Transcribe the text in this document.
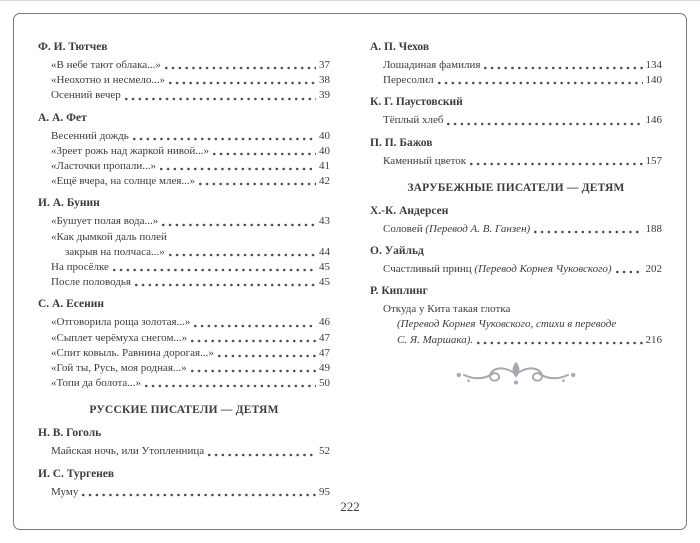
Ф. И. Тютчев
«В небе тают облака...»	37
«Неохотно и несмело...»	38
Осенний вечер	39
А. А. Фет
Весенний дождь	40
«Зреет рожь над жаркой нивой...»	40
«Ласточки пропали...»	41
«Ещё вчера, на солнце млея...»	42
И. А. Бунин
«Бушует полая вода...»	43
«Как дымкой даль полей
закрыв на полчаса...»	44
На просёлке	45
После половодья	45
С. А. Есенин
«Отговорила роща золотая...»	46
«Сыплет черёмуха снегом...»	47
«Спит ковыль. Равнина дорогая...»	47
«Гой ты, Русь, моя родная...»	49
«Топи да болота...»	50
РУССКИЕ ПИСАТЕЛИ — ДЕТЯМ
Н. В. Гоголь
Майская ночь, или Утопленница	52
И. С. Тургенев
Муму	95
А. П. Чехов
Лошадиная фамилия	134
Пересолил	140
К. Г. Паустовский
Тёплый хлеб	146
П. П. Бажов
Каменный цветок	157
ЗАРУБЕЖНЫЕ ПИСАТЕЛИ — ДЕТЯМ
Х.-К. Андерсен
Соловей (Перевод А. В. Ганзен)	188
О. Уайльд
Счастливый принц (Перевод Корнея Чуковского)	202
Р. Киплинг
Откуда у Кита такая глотка
(Перевод Корнея Чуковского, стихи в переводе
С. Я. Маршака).	216
222
